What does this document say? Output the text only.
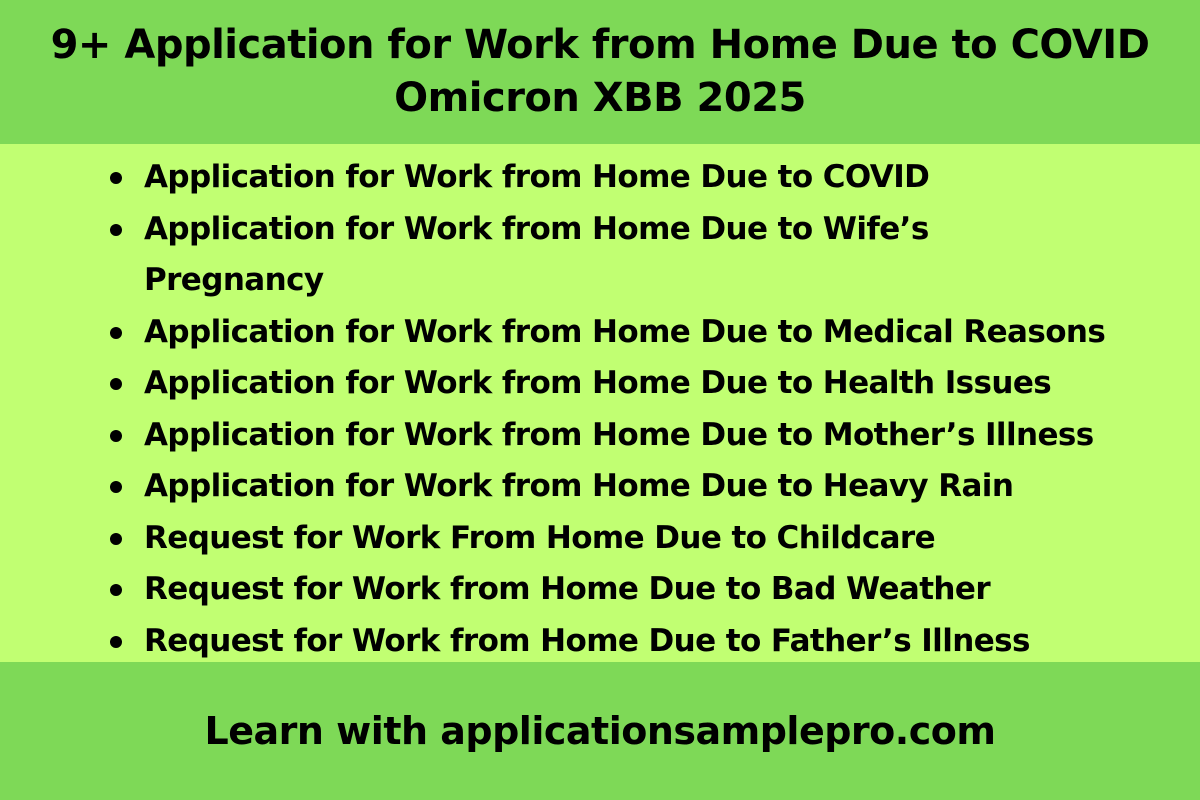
9+ Application for Work from Home Due to COVID Omicron XBB 2025
Application for Work from Home Due to COVID
Application for Work from Home Due to Wife’s Pregnancy
Application for Work from Home Due to Medical Reasons
Application for Work from Home Due to Health Issues
Application for Work from Home Due to Mother’s Illness
Application for Work from Home Due to Heavy Rain
Request for Work From Home Due to Childcare
Request for Work from Home Due to Bad Weather
Request for Work from Home Due to Father’s Illness

Learn with applicationsamplepro.com
